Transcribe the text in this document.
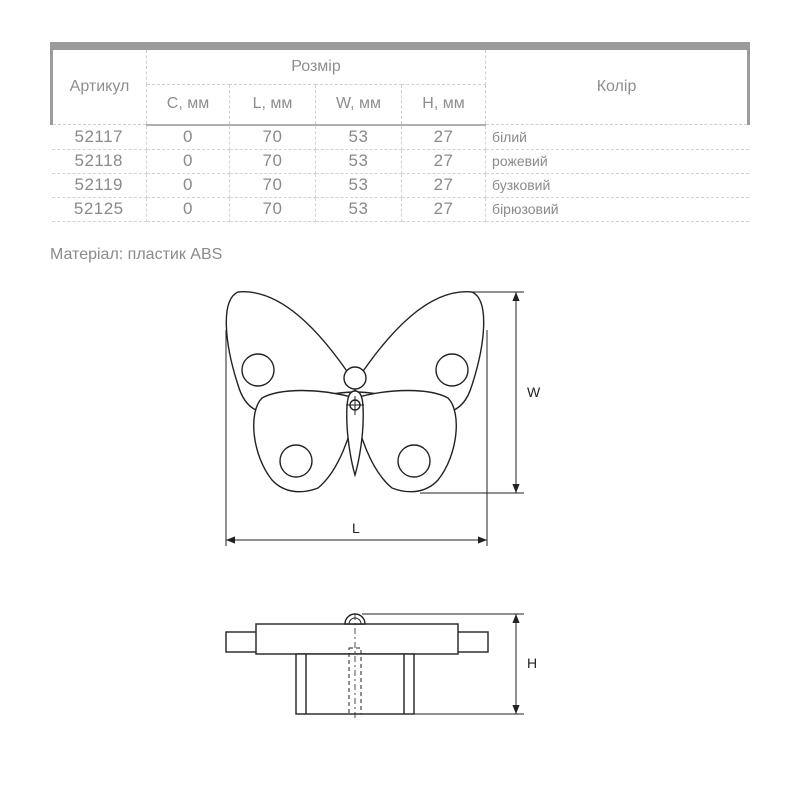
Артикул	Розмір				Колір
	С, мм	L, мм	W, мм	H, мм	
52117	0	70	53	27	білий
52118	0	70	53	27	рожевий
52119	0	70	53	27	бузковий
52125	0	70	53	27	бірюзовий
Матеріал: пластик ABS
W
L
H
